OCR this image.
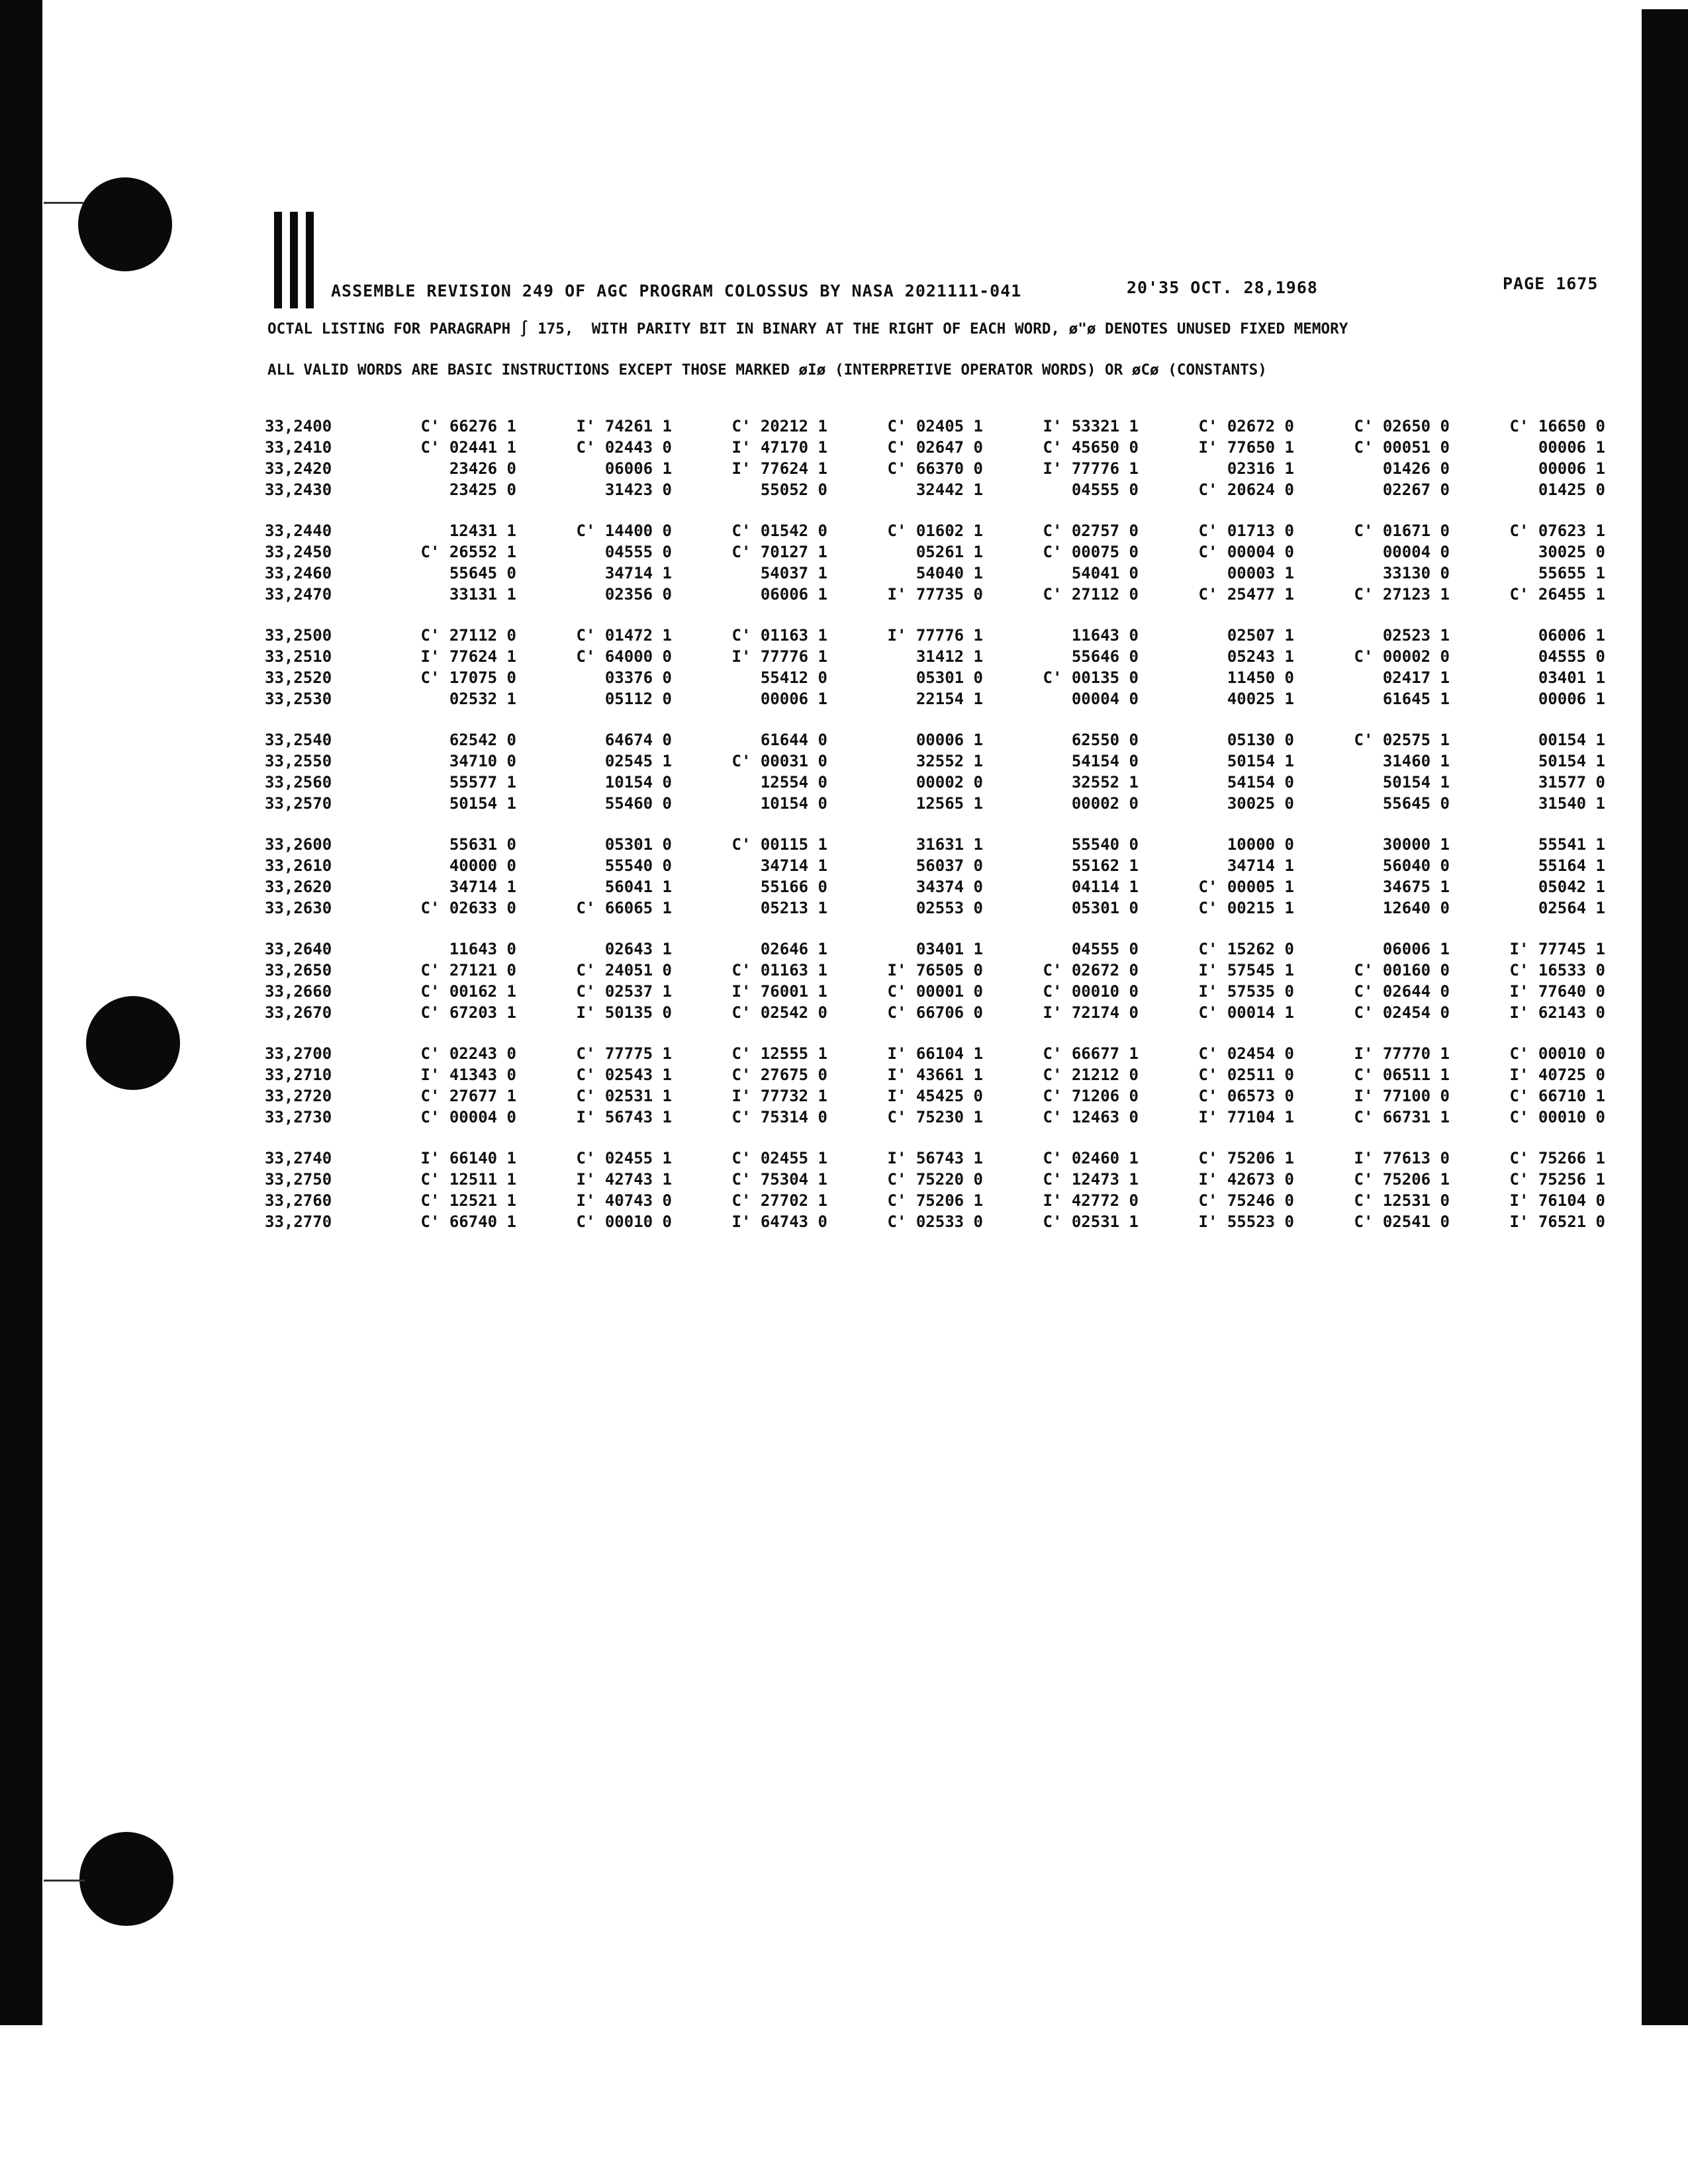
ASSEMBLE REVISION 249 OF AGC PROGRAM COLOSSUS BY NASA 2021111-041	20'35 OCT. 28,1968	PAGE 1675
OCTAL LISTING FOR PARAGRAPH ∫ 175,  WITH PARITY BIT IN BINARY AT THE RIGHT OF EACH WORD, ø"ø DENOTES UNUSED FIXED MEMORY
ALL VALID WORDS ARE BASIC INSTRUCTIONS EXCEPT THOSE MARKED øIø (INTERPRETIVE OPERATOR WORDS) OR øCø (CONSTANTS)
33,2400	C' 66276 1	I' 74261 1	C' 20212 1	C' 02405 1	I' 53321 1	C' 02672 0	C' 02650 0	C' 16650 0
33,2410	C' 02441 1	C' 02443 0	I' 47170 1	C' 02647 0	C' 45650 0	I' 77650 1	C' 00051 0	00006 1
33,2420	23426 0	06006 1	I' 77624 1	C' 66370 0	I' 77776 1	02316 1	01426 0	00006 1
33,2430	23425 0	31423 0	55052 0	32442 1	04555 0	C' 20624 0	02267 0	01425 0
33,2440	12431 1	C' 14400 0	C' 01542 0	C' 01602 1	C' 02757 0	C' 01713 0	C' 01671 0	C' 07623 1
33,2450	C' 26552 1	04555 0	C' 70127 1	05261 1	C' 00075 0	C' 00004 0	00004 0	30025 0
33,2460	55645 0	34714 1	54037 1	54040 1	54041 0	00003 1	33130 0	55655 1
33,2470	33131 1	02356 0	06006 1	I' 77735 0	C' 27112 0	C' 25477 1	C' 27123 1	C' 26455 1
33,2500	C' 27112 0	C' 01472 1	C' 01163 1	I' 77776 1	11643 0	02507 1	02523 1	06006 1
33,2510	I' 77624 1	C' 64000 0	I' 77776 1	31412 1	55646 0	05243 1	C' 00002 0	04555 0
33,2520	C' 17075 0	03376 0	55412 0	05301 0	C' 00135 0	11450 0	02417 1	03401 1
33,2530	02532 1	05112 0	00006 1	22154 1	00004 0	40025 1	61645 1	00006 1
33,2540	62542 0	64674 0	61644 0	00006 1	62550 0	05130 0	C' 02575 1	00154 1
33,2550	34710 0	02545 1	C' 00031 0	32552 1	54154 0	50154 1	31460 1	50154 1
33,2560	55577 1	10154 0	12554 0	00002 0	32552 1	54154 0	50154 1	31577 0
33,2570	50154 1	55460 0	10154 0	12565 1	00002 0	30025 0	55645 0	31540 1
33,2600	55631 0	05301 0	C' 00115 1	31631 1	55540 0	10000 0	30000 1	55541 1
33,2610	40000 0	55540 0	34714 1	56037 0	55162 1	34714 1	56040 0	55164 1
33,2620	34714 1	56041 1	55166 0	34374 0	04114 1	C' 00005 1	34675 1	05042 1
33,2630	C' 02633 0	C' 66065 1	05213 1	02553 0	05301 0	C' 00215 1	12640 0	02564 1
33,2640	11643 0	02643 1	02646 1	03401 1	04555 0	C' 15262 0	06006 1	I' 77745 1
33,2650	C' 27121 0	C' 24051 0	C' 01163 1	I' 76505 0	C' 02672 0	I' 57545 1	C' 00160 0	C' 16533 0
33,2660	C' 00162 1	C' 02537 1	I' 76001 1	C' 00001 0	C' 00010 0	I' 57535 0	C' 02644 0	I' 77640 0
33,2670	C' 67203 1	I' 50135 0	C' 02542 0	C' 66706 0	I' 72174 0	C' 00014 1	C' 02454 0	I' 62143 0
33,2700	C' 02243 0	C' 77775 1	C' 12555 1	I' 66104 1	C' 66677 1	C' 02454 0	I' 77770 1	C' 00010 0
33,2710	I' 41343 0	C' 02543 1	C' 27675 0	I' 43661 1	C' 21212 0	C' 02511 0	C' 06511 1	I' 40725 0
33,2720	C' 27677 1	C' 02531 1	I' 77732 1	I' 45425 0	C' 71206 0	C' 06573 0	I' 77100 0	C' 66710 1
33,2730	C' 00004 0	I' 56743 1	C' 75314 0	C' 75230 1	C' 12463 0	I' 77104 1	C' 66731 1	C' 00010 0
33,2740	I' 66140 1	C' 02455 1	C' 02455 1	I' 56743 1	C' 02460 1	C' 75206 1	I' 77613 0	C' 75266 1
33,2750	C' 12511 1	I' 42743 1	C' 75304 1	C' 75220 0	C' 12473 1	I' 42673 0	C' 75206 1	C' 75256 1
33,2760	C' 12521 1	I' 40743 0	C' 27702 1	C' 75206 1	I' 42772 0	C' 75246 0	C' 12531 0	I' 76104 0
33,2770	C' 66740 1	C' 00010 0	I' 64743 0	C' 02533 0	C' 02531 1	I' 55523 0	C' 02541 0	I' 76521 0
